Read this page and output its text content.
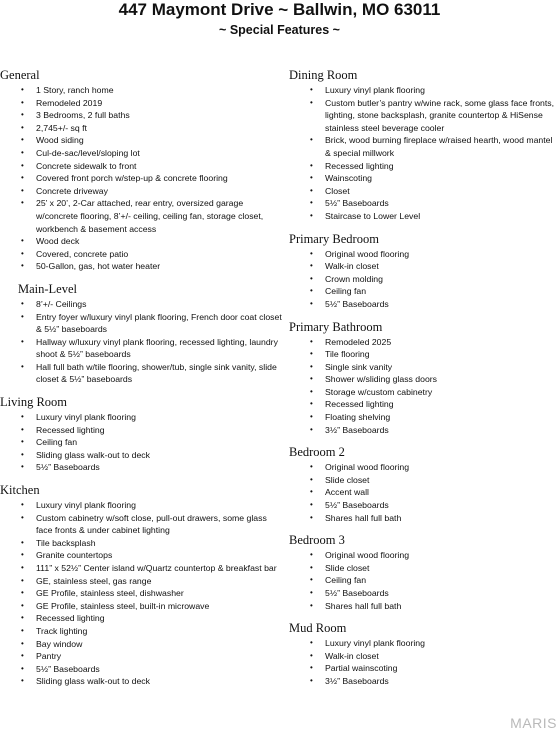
447 Maymont Drive ~ Ballwin, MO 63011
~ Special Features ~
General
• 1 Story, ranch home
• Remodeled 2019
• 3 Bedrooms, 2 full baths
• 2,745+/- sq ft
• Wood siding
• Cul-de-sac/level/sloping lot
• Concrete sidewalk to front
• Covered front porch w/step-up & concrete flooring
• Concrete driveway
• 25’ x 20’, 2-Car attached, rear entry, oversized garage w/concrete flooring, 8’+/- ceiling, ceiling fan, storage closet, workbench & basement access
• Wood deck
• Covered, concrete patio
• 50-Gallon, gas, hot water heater
Main-Level
• 8’+/- Ceilings
• Entry foyer w/luxury vinyl plank flooring, French door coat closet & 5½” baseboards
• Hallway w/luxury vinyl plank flooring, recessed lighting, laundry shoot & 5½” baseboards
• Hall full bath w/tile flooring, shower/tub, single sink vanity, slide closet & 5½” baseboards
Living Room
• Luxury vinyl plank flooring
• Recessed lighting
• Ceiling fan
• Sliding glass walk-out to deck
• 5½” Baseboards
Kitchen
• Luxury vinyl plank flooring
• Custom cabinetry w/soft close, pull-out drawers, some glass face fronts & under cabinet lighting
• Tile backsplash
• Granite countertops
• 111” x 52½” Center island w/Quartz countertop & breakfast bar
• GE, stainless steel, gas range
• GE Profile, stainless steel, dishwasher
• GE Profile, stainless steel, built-in microwave
• Recessed lighting
• Track lighting
• Bay window
• Pantry
• 5½” Baseboards
• Sliding glass walk-out to deck
Dining Room
• Luxury vinyl plank flooring
• Custom butler’s pantry w/wine rack, some glass face fronts, lighting, stone backsplash, granite countertop & HiSense stainless steel beverage cooler
• Brick, wood burning fireplace w/raised hearth, wood mantel & special millwork
• Recessed lighting
• Wainscoting
• Closet
• 5½” Baseboards
• Staircase to Lower Level
Primary Bedroom
• Original wood flooring
• Walk-in closet
• Crown molding
• Ceiling fan
• 5½” Baseboards
Primary Bathroom
• Remodeled 2025
• Tile flooring
• Single sink vanity
• Shower w/sliding glass doors
• Storage w/custom cabinetry
• Recessed lighting
• Floating shelving
• 3½” Baseboards
Bedroom 2
• Original wood flooring
• Slide closet
• Accent wall
• 5½” Baseboards
• Shares hall full bath
Bedroom 3
• Original wood flooring
• Slide closet
• Ceiling fan
• 5½” Baseboards
• Shares hall full bath
Mud Room
• Luxury vinyl plank flooring
• Walk-in closet
• Partial wainscoting
• 3½” Baseboards
MARIS
